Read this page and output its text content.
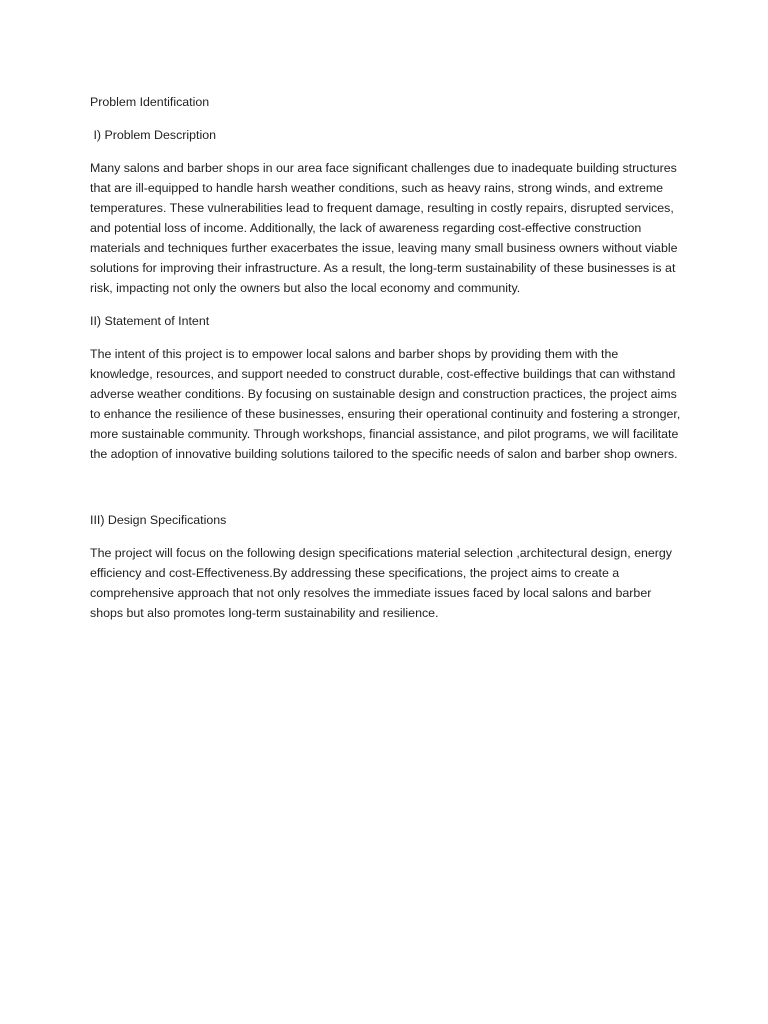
Problem Identification

I) Problem Description

Many salons and barber shops in our area face significant challenges due to inadequate building structures that are ill-equipped to handle harsh weather conditions, such as heavy rains, strong winds, and extreme temperatures. These vulnerabilities lead to frequent damage, resulting in costly repairs, disrupted services, and potential loss of income. Additionally, the lack of awareness regarding cost-effective construction materials and techniques further exacerbates the issue, leaving many small business owners without viable solutions for improving their infrastructure. As a result, the long-term sustainability of these businesses is at risk, impacting not only the owners but also the local economy and community.

II) Statement of Intent

The intent of this project is to empower local salons and barber shops by providing them with the knowledge, resources, and support needed to construct durable, cost-effective buildings that can withstand adverse weather conditions. By focusing on sustainable design and construction practices, the project aims to enhance the resilience of these businesses, ensuring their operational continuity and fostering a stronger, more sustainable community. Through workshops, financial assistance, and pilot programs, we will facilitate the adoption of innovative building solutions tailored to the specific needs of salon and barber shop owners.

III) Design Specifications

The project will focus on the following design specifications material selection ,architectural design, energy efficiency and cost-Effectiveness.By addressing these specifications, the project aims to create a comprehensive approach that not only resolves the immediate issues faced by local salons and barber shops but also promotes long-term sustainability and resilience.
